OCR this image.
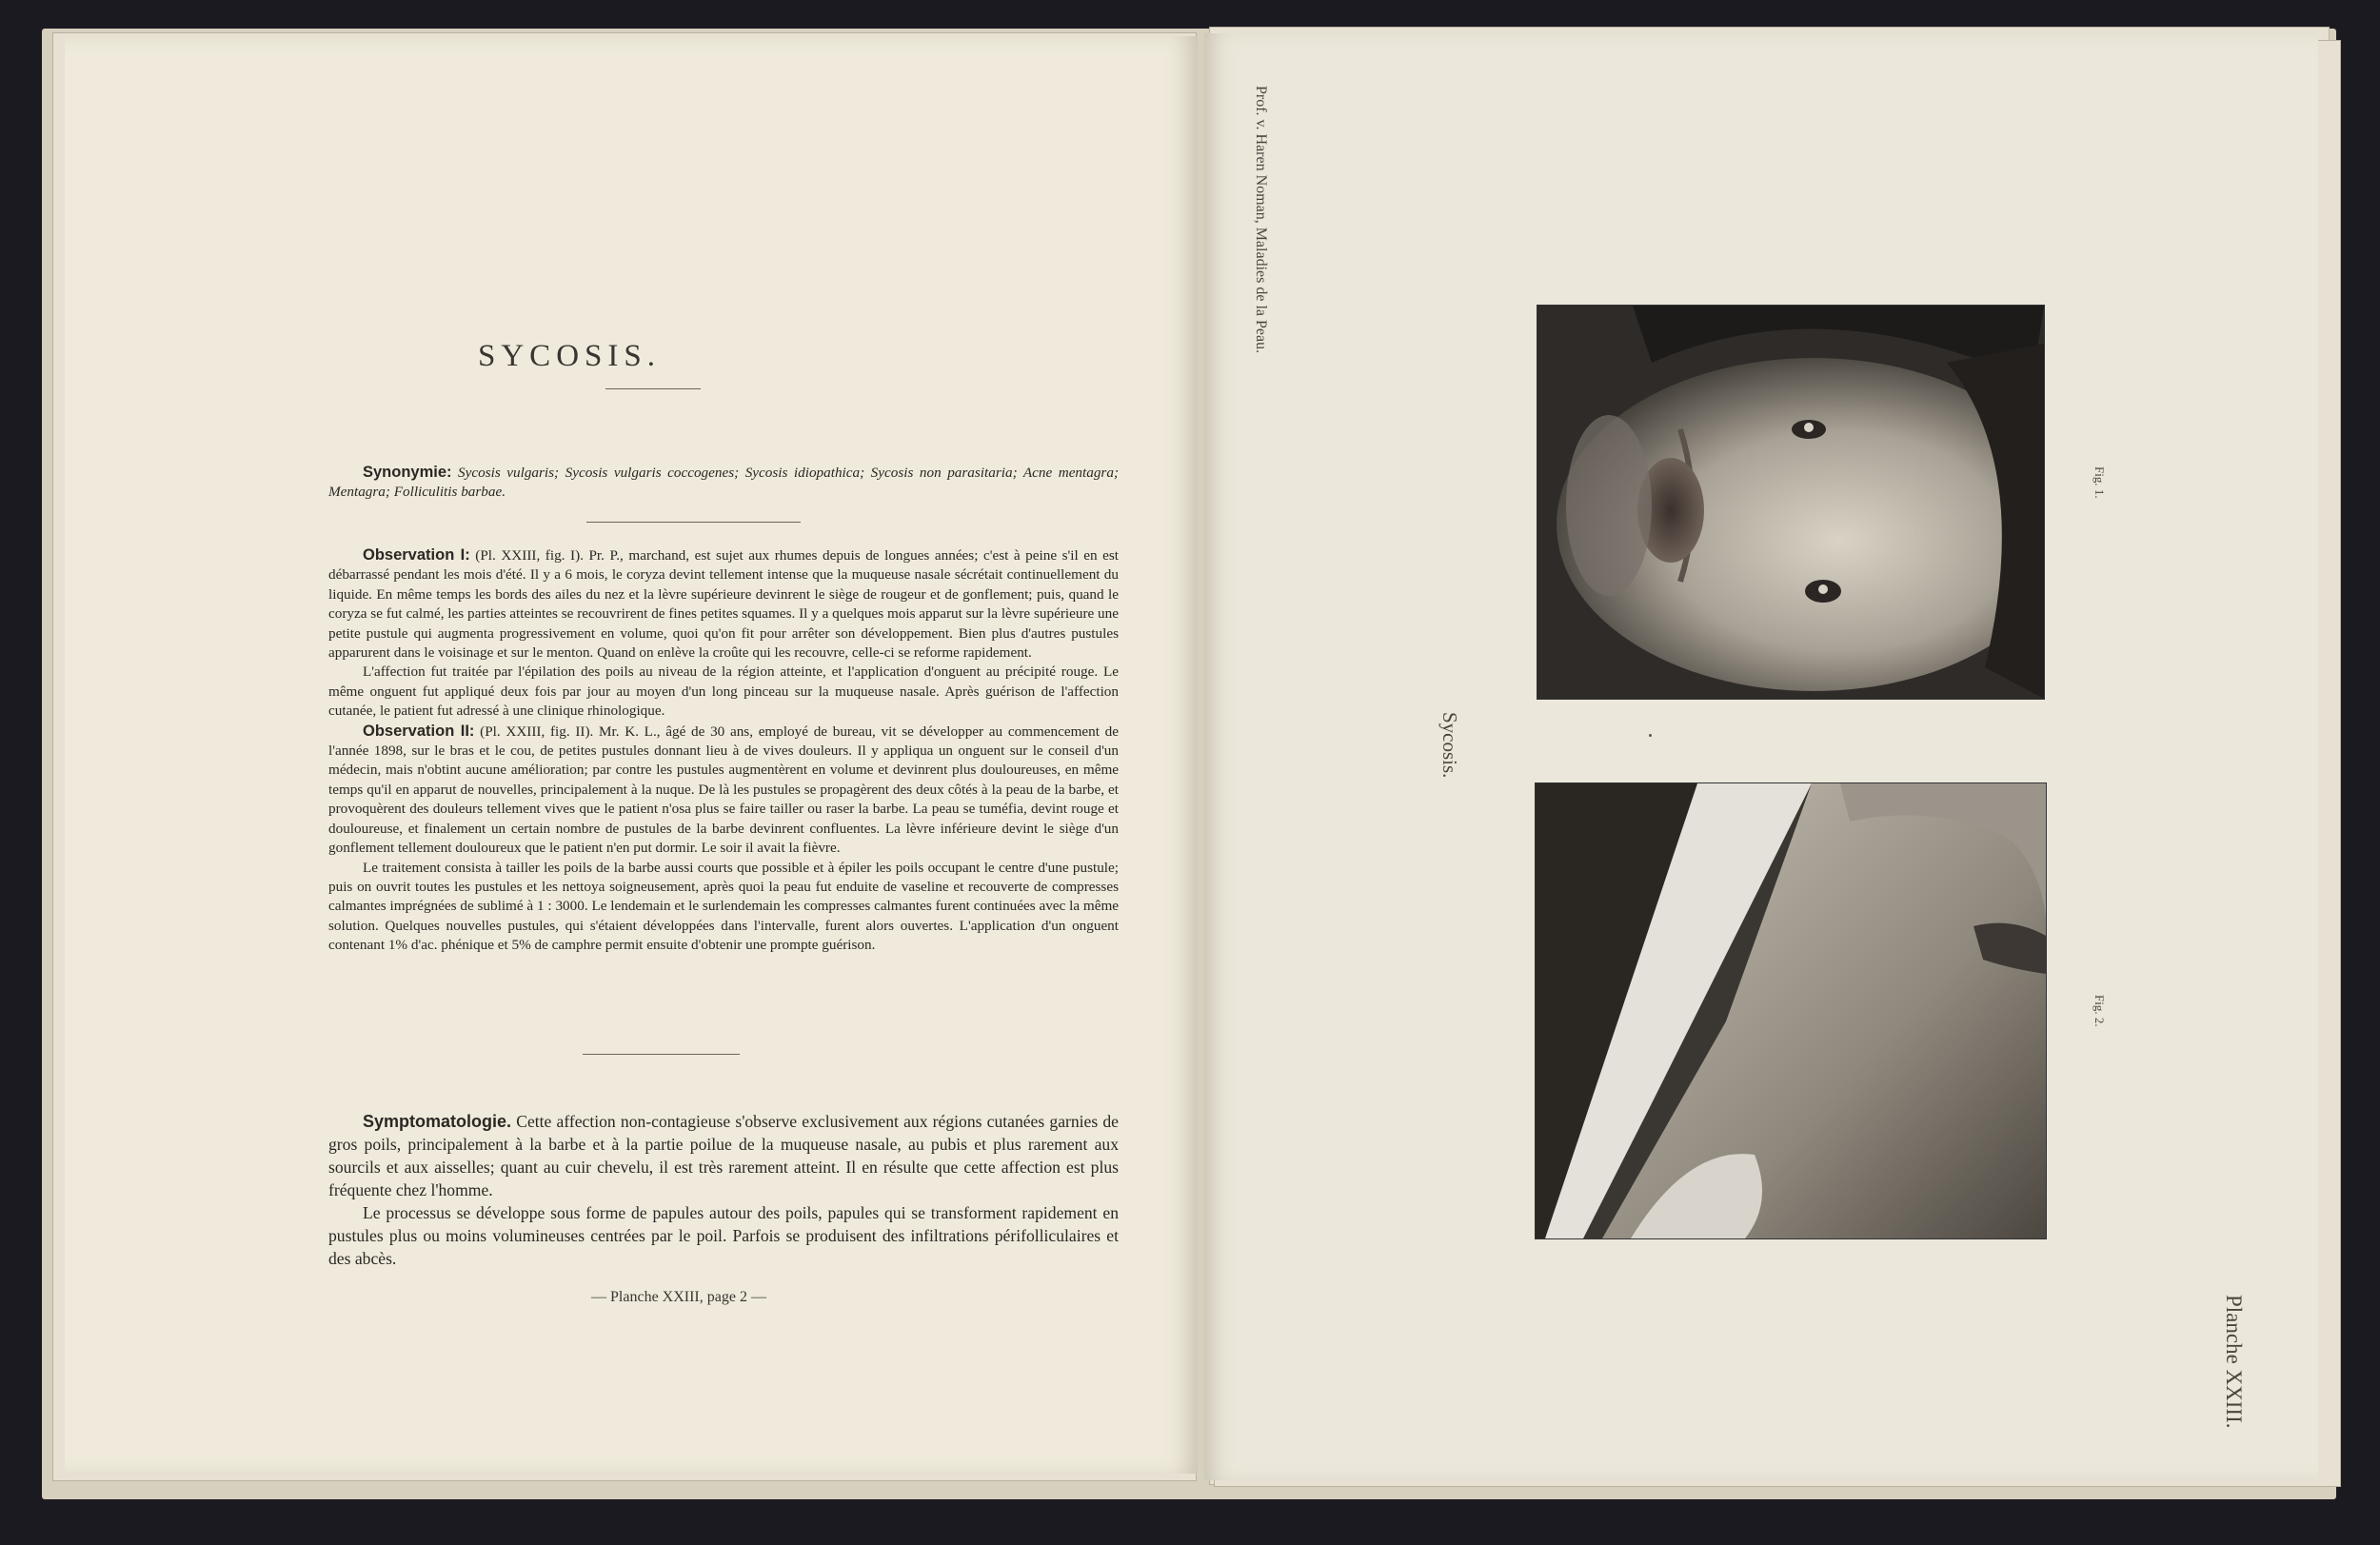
SYCOSIS.

Synonymie: Sycosis vulgaris; Sycosis vulgaris coccogenes; Sycosis idiopathica; Sycosis non parasitaria; Acne mentagra; Mentagra; Folliculitis barbae.

Observation I: (Pl. XXIII, fig. I). Pr. P., marchand, est sujet aux rhumes depuis de longues années; c'est à peine s'il en est débarrassé pendant les mois d'été. Il y a 6 mois, le coryza devint tellement intense que la muqueuse nasale sécrétait continuellement du liquide. En même temps les bords des ailes du nez et la lèvre supérieure devinrent le siège de rougeur et de gonflement; puis, quand le coryza se fut calmé, les parties atteintes se recouvrirent de fines petites squames. Il y a quelques mois apparut sur la lèvre supérieure une petite pustule qui augmenta progressivement en volume, quoi qu'on fit pour arrêter son développement. Bien plus d'autres pustules apparurent dans le voisinage et sur le menton. Quand on enlève la croûte qui les recouvre, celle-ci se reforme rapidement.

L'affection fut traitée par l'épilation des poils au niveau de la région atteinte, et l'application d'onguent au précipité rouge. Le même onguent fut appliqué deux fois par jour au moyen d'un long pinceau sur la muqueuse nasale. Après guérison de l'affection cutanée, le patient fut adressé à une clinique rhinologique.

Observation II: (Pl. XXIII, fig. II). Mr. K. L., âgé de 30 ans, employé de bureau, vit se développer au commencement de l'année 1898, sur le bras et le cou, de petites pustules donnant lieu à de vives douleurs. Il y appliqua un onguent sur le conseil d'un médecin, mais n'obtint aucune amélioration; par contre les pustules augmentèrent en volume et devinrent plus douloureuses, en même temps qu'il en apparut de nouvelles, principalement à la nuque. De là les pustules se propagèrent des deux côtés à la peau de la barbe, et provoquèrent des douleurs tellement vives que le patient n'osa plus se faire tailler ou raser la barbe. La peau se tuméfia, devint rouge et douloureuse, et finalement un certain nombre de pustules de la barbe devinrent confluentes. La lèvre inférieure devint le siège d'un gonflement tellement douloureux que le patient n'en put dormir. Le soir il avait la fièvre.

Le traitement consista à tailler les poils de la barbe aussi courts que possible et à épiler les poils occupant le centre d'une pustule; puis on ouvrit toutes les pustules et les nettoya soigneusement, après quoi la peau fut enduite de vaseline et recouverte de compresses calmantes imprégnées de sublimé à 1 : 3000. Le lendemain et le surlendemain les compresses calmantes furent continuées avec la même solution. Quelques nouvelles pustules, qui s'étaient développées dans l'intervalle, furent alors ouvertes. L'application d'un onguent contenant 1% d'ac. phénique et 5% de camphre permit ensuite d'obtenir une prompte guérison.

Symptomatologie. Cette affection non-contagieuse s'observe exclusivement aux régions cutanées garnies de gros poils, principalement à la barbe et à la partie poilue de la muqueuse nasale, au pubis et plus rarement aux sourcils et aux aisselles; quant au cuir chevelu, il est très rarement atteint. Il en résulte que cette affection est plus fréquente chez l'homme.

Le processus se développe sous forme de papules autour des poils, papules qui se transforment rapidement en pustules plus ou moins volumineuses centrées par le poil. Parfois se produisent des infiltrations périfolliculaires et des abcès.

— Planche XXIII, page 2 —
Prof. v. Haren Noman, Maladies de la Peau.
Sycosis.
Fig. 1.
Fig. 2.
Planche XXIII.
